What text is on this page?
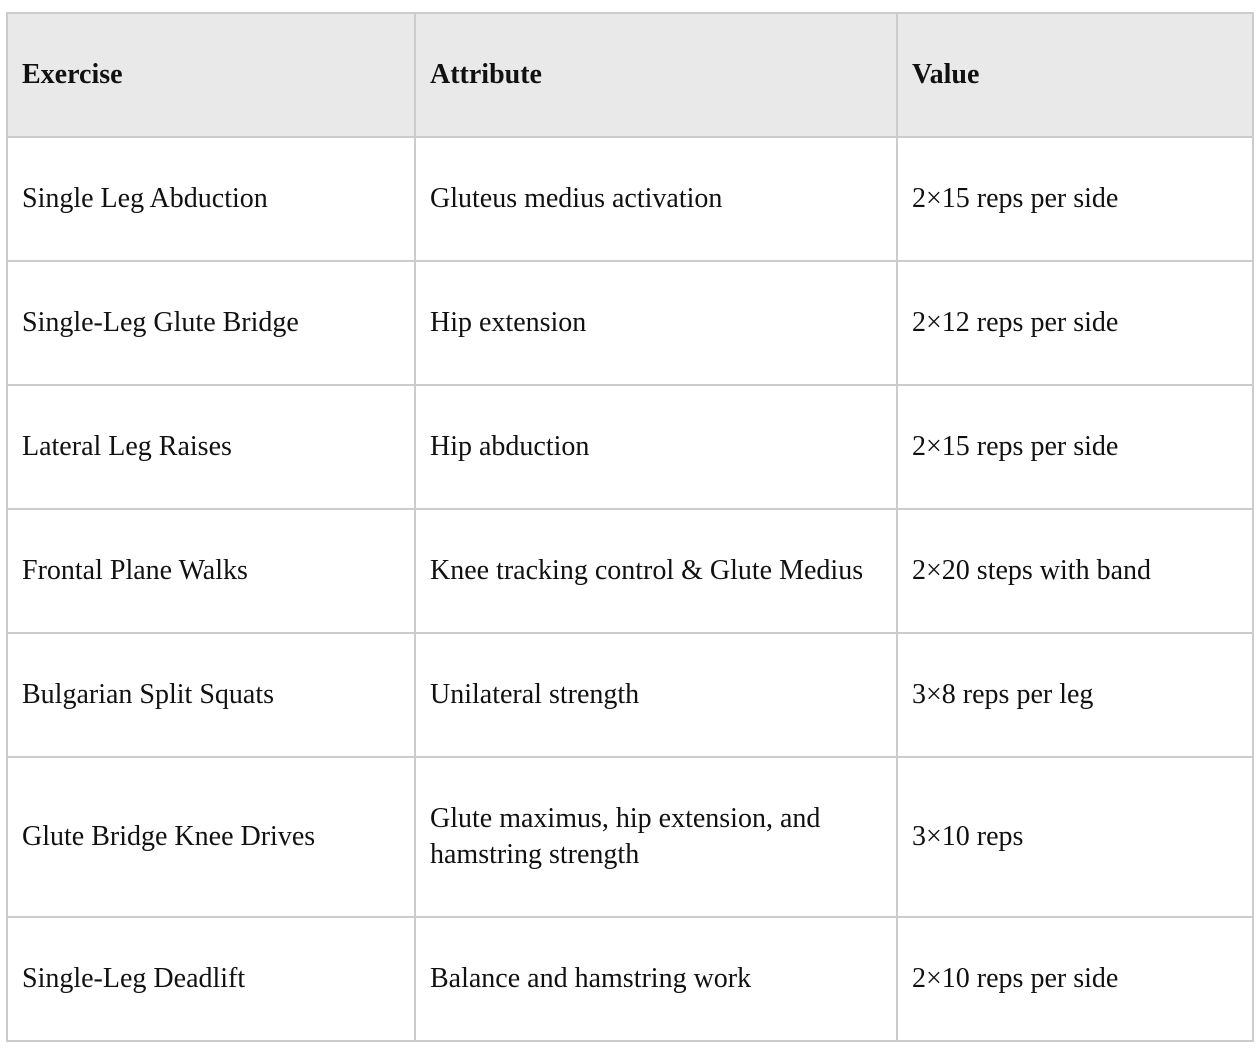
Exercise	Attribute	Value
Single Leg Abduction	Gluteus medius activation	2×15 reps per side
Single-Leg Glute Bridge	Hip extension	2×12 reps per side
Lateral Leg Raises	Hip abduction	2×15 reps per side
Frontal Plane Walks	Knee tracking control & Glute Medius	2×20 steps with band
Bulgarian Split Squats	Unilateral strength	3×8 reps per leg
Glute Bridge Knee Drives	Glute maximus, hip extension, and hamstring strength	3×10 reps
Single-Leg Deadlift	Balance and hamstring work	2×10 reps per side
